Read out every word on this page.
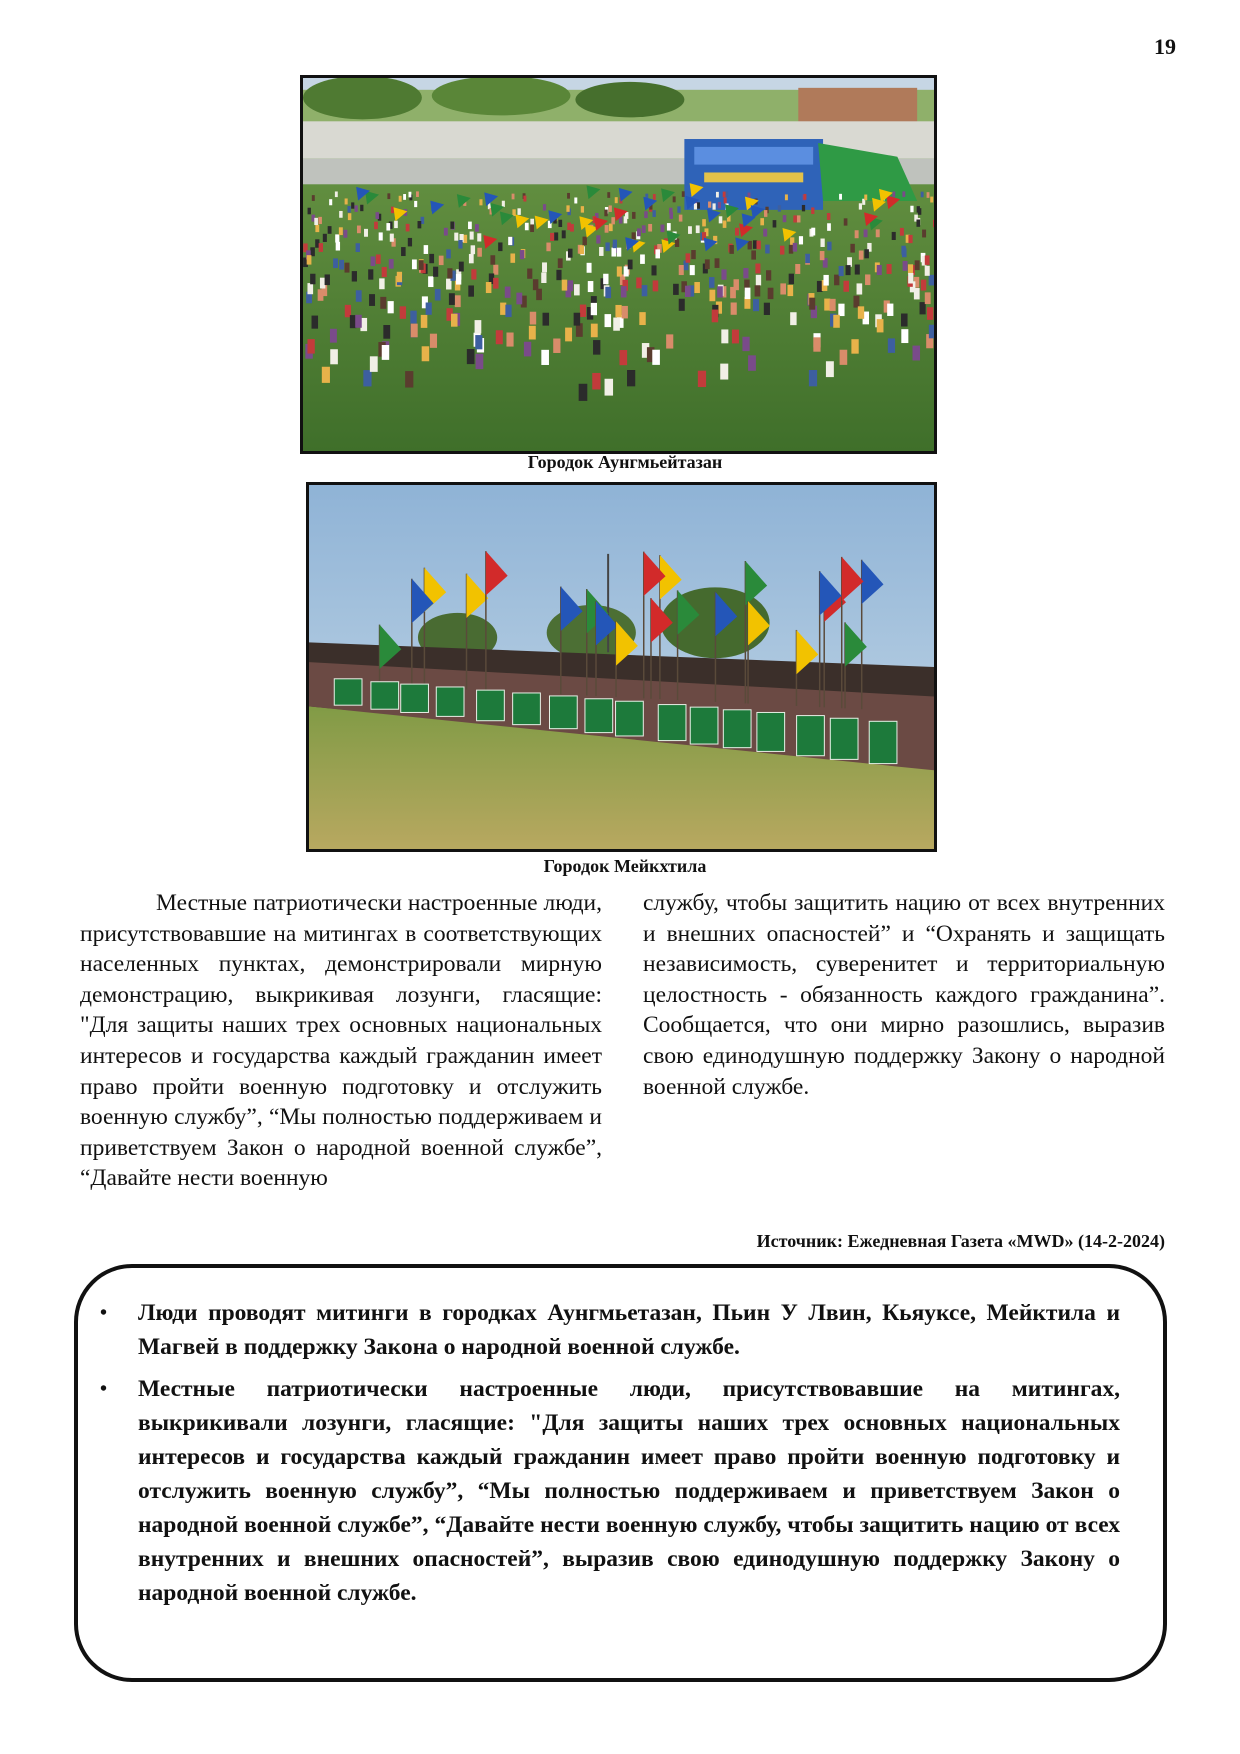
19
Городок Аунгмьейтазан
Городок Мейкхтила
Местные патриотически настроенные люди, присутствовавшие на митингах в соответствующих населенных пунктах, демонстрировали мирную демонстрацию, выкрикивая лозунги, гласящие: "Для защиты наших трех основных национальных интересов и государства каждый гражданин имеет право пройти военную подготовку и отслужить военную службу”, “Мы полностью поддерживаем и приветствуем Закон о народной военной службе”, “Давайте нести военную
службу, чтобы защитить нацию от всех внутренних и внешних опасностей” и “Охранять и защищать независимость, суверенитет и территориальную целостность - обязанность каждого гражданина”. Сообщается, что они мирно разошлись, выразив свою единодушную поддержку Закону о народной военной службе.
Источник: Ежедневная Газета «MWD» (14-2-2024)
• Люди проводят митинги в городках Аунгмьетазан, Пьин У Лвин, Кьяуксе, Мейктила и Магвей в поддержку Закона о народной военной службе.
• Местные патриотически настроенные люди, присутствовавшие на митингах, выкрикивали лозунги, гласящие: "Для защиты наших трех основных национальных интересов и государства каждый гражданин имеет право пройти военную подготовку и отслужить военную службу”, “Мы полностью поддерживаем и приветствуем Закон о народной военной службе”, “Давайте нести военную службу, чтобы защитить нацию от всех внутренних и внешних опасностей”, выразив свою единодушную поддержку Закону о народной военной службе.
